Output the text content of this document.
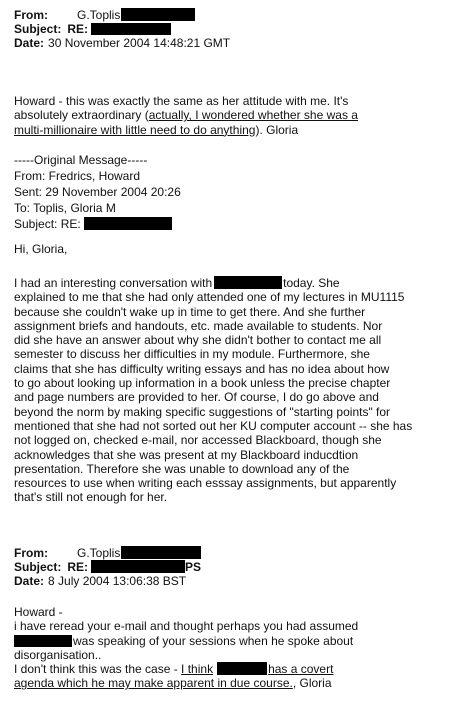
From: G.Toplis
Subject: RE:
Date: 30 November 2004 14:48:21 GMT
Howard - this was exactly the same as her attitude with me. It's
absolutely extraordinary (actually, I wondered whether she was a
multi-millionaire with little need to do anything). Gloria
-----Original Message-----
From: Fredrics, Howard
Sent: 29 November 2004 20:26
To: Toplis, Gloria M
Subject: RE:
Hi, Gloria,
I had an interesting conversation with	today. She
explained to me that she had only attended one of my lectures in MU1115
because she couldn't wake up in time to get there. And she further
assignment briefs and handouts, etc. made available to students. Nor
did she have an answer about why she didn't bother to contact me all
semester to discuss her difficulties in my module. Furthermore, she
claims that she has difficulty writing essays and has no idea about how
to go about looking up information in a book unless the precise chapter
and page numbers are provided to her. Of course, I do go above and
beyond the norm by making specific suggestions of "starting points" for
mentioned that she had not sorted out her KU computer account -- she has
not logged on, checked e-mail, nor accessed Blackboard, though she
acknowledges that she was present at my Blackboard inducdtion
presentation. Therefore she was unable to download any of the
resources to use when writing each esssay assignments, but apparently
that's still not enough for her.
From: G.Toplis
Subject: RE:	PS
Date: 8 July 2004 13:06:38 BST
Howard -
i have reread your e-mail and thought perhaps you had assumed
was speaking of your sessions when he spoke about
disorganisation..
I don't think this was the case - I think	has a covert
agenda which he may make apparent in due course., Gloria
